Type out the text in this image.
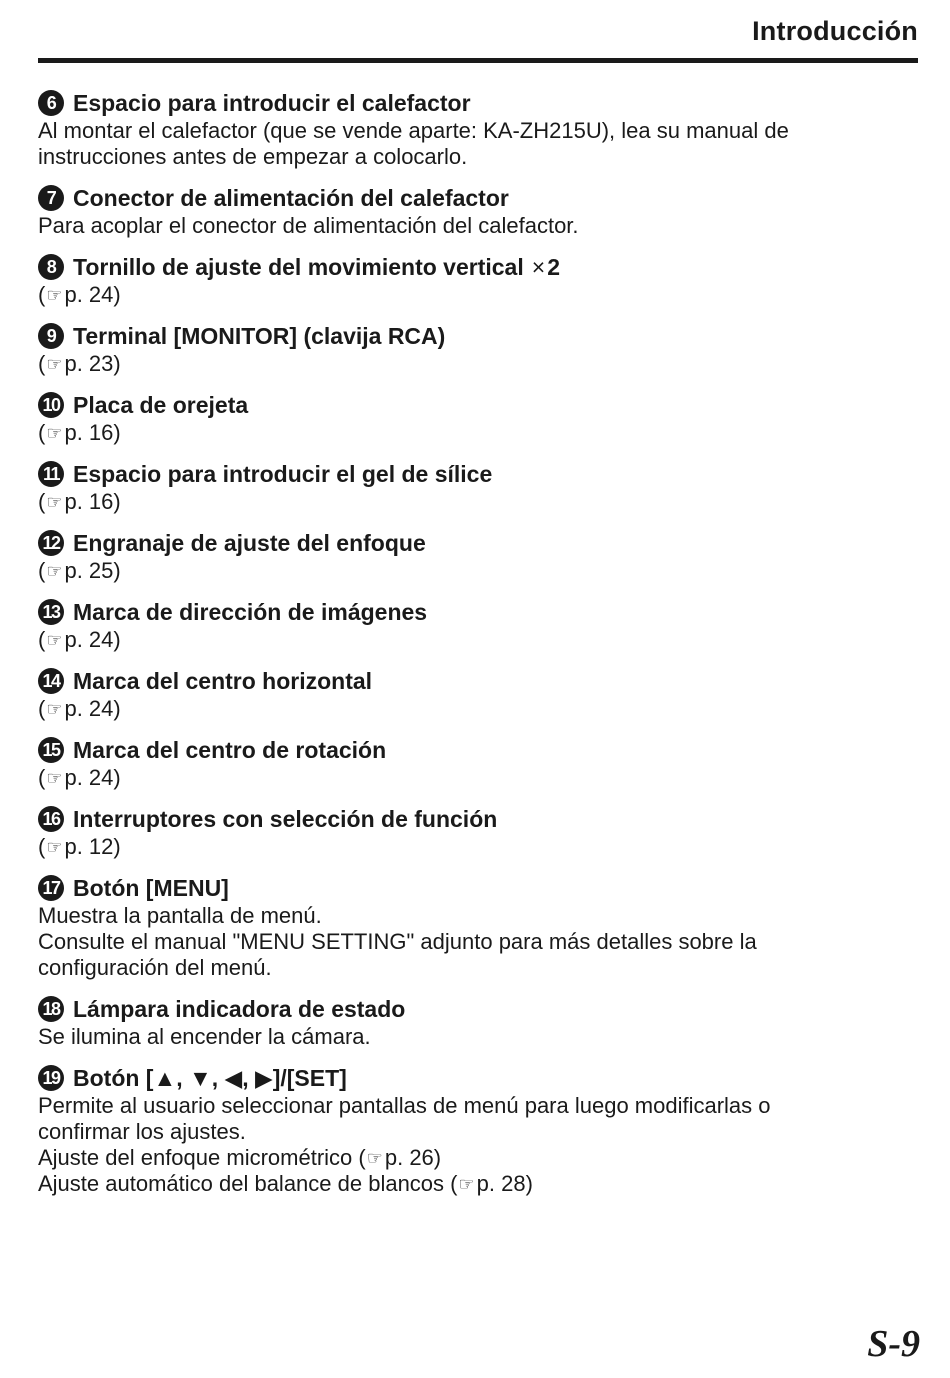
Introducción
6 Espacio para introducir el calefactor
Al montar el calefactor (que se vende aparte: KA-ZH215U), lea su manual de
instrucciones antes de empezar a colocarlo.
7 Conector de alimentación del calefactor
Para acoplar el conector de alimentación del calefactor.
8 Tornillo de ajuste del movimiento vertical × 2
(☞p. 24)
9 Terminal [MONITOR] (clavija RCA)
(☞p. 23)
10 Placa de orejeta
(☞p. 16)
11 Espacio para introducir el gel de sílice
(☞p. 16)
12 Engranaje de ajuste del enfoque
(☞p. 25)
13 Marca de dirección de imágenes
(☞p. 24)
14 Marca del centro horizontal
(☞p. 24)
15 Marca del centro de rotación
(☞p. 24)
16 Interruptores con selección de función
(☞p. 12)
17 Botón [MENU]
Muestra la pantalla de menú.
Consulte el manual "MENU SETTING" adjunto para más detalles sobre la
configuración del menú.
18 Lámpara indicadora de estado
Se ilumina al encender la cámara.
19 Botón [▲, ▼, ◀, ▶]/[SET]
Permite al usuario seleccionar pantallas de menú para luego modificarlas o
confirmar los ajustes.
Ajuste del enfoque micrométrico (☞p. 26)
Ajuste automático del balance de blancos (☞p. 28)
S-9
